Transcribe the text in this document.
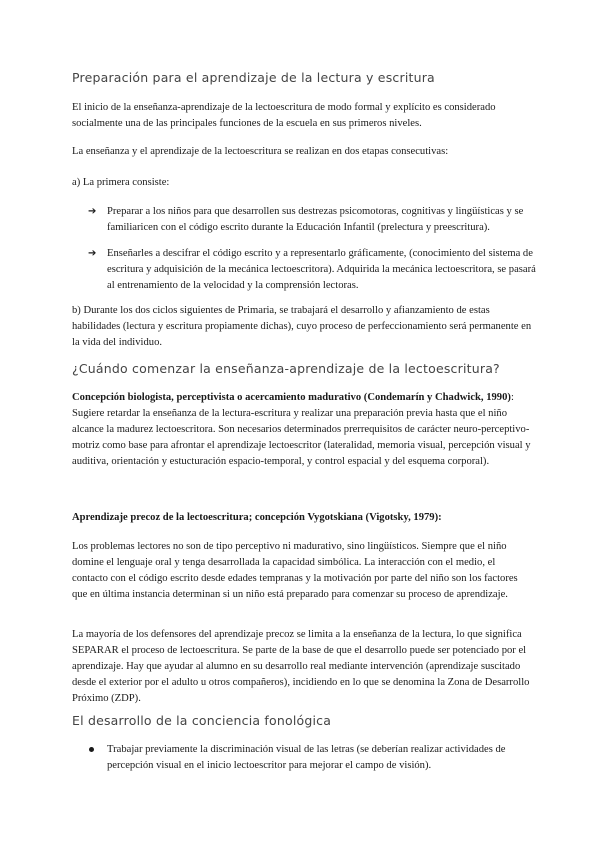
Preparación para el aprendizaje de la lectura y escritura
El inicio de la enseñanza-aprendizaje de la lectoescritura de modo formal y explícito es considerado socialmente una de las principales funciones de la escuela en sus primeros niveles.
La enseñanza y el aprendizaje de la lectoescritura se realizan en dos etapas consecutivas:
a) La primera consiste:
➔ Preparar a los niños para que desarrollen sus destrezas psicomotoras, cognitivas y lingüísticas y se familiaricen con el código escrito durante la Educación Infantil (prelectura y preescritura).
➔ Enseñarles a descifrar el código escrito y a representarlo gráficamente, (conocimiento del sistema de escritura y adquisición de la mecánica lectoescritora). Adquirida la mecánica lectoescritora, se pasará al entrenamiento de la velocidad y la comprensión lectoras.
b) Durante los dos ciclos siguientes de Primaria, se trabajará el desarrollo y afianzamiento de estas habilidades (lectura y escritura propiamente dichas), cuyo proceso de perfeccionamiento será permanente en la vida del individuo.
¿Cuándo comenzar la enseñanza-aprendizaje de la lectoescritura?
Concepción biologista, perceptivista o acercamiento madurativo (Condemarín y Chadwick, 1990):
Sugiere retardar la enseñanza de la lectura-escritura y realizar una preparación previa hasta que el niño alcance la madurez lectoescritora. Son necesarios determinados prerrequisitos de carácter neuro-perceptivo-motriz como base para afrontar el aprendizaje lectoescritor (lateralidad, memoria visual, percepción visual y auditiva, orientación y estucturación espacio-temporal, y control espacial y del esquema corporal).
Aprendizaje precoz de la lectoescritura; concepción Vygotskiana (Vigotsky, 1979):
Los problemas lectores no son de tipo perceptivo ni madurativo, sino lingüísticos. Siempre que el niño domine el lenguaje oral y tenga desarrollada la capacidad simbólica. La interacción con el medio, el contacto con el código escrito desde edades tempranas y la motivación por parte del niño son los factores que en última instancia determinan si un niño está preparado para comenzar su proceso de aprendizaje.
La mayoría de los defensores del aprendizaje precoz se limita a la enseñanza de la lectura, lo que significa SEPARAR el proceso de lectoescritura. Se parte de la base de que el desarrollo puede ser potenciado por el aprendizaje. Hay que ayudar al alumno en su desarrollo real mediante intervención (aprendizaje suscitado desde el exterior por el adulto u otros compañeros), incidiendo en lo que se denomina la Zona de Desarrollo Próximo (ZDP).
El desarrollo de la conciencia fonológica
Trabajar previamente la discriminación visual de las letras (se deberían realizar actividades de percepción visual en el inicio lectoescritor para mejorar el campo de visión).
